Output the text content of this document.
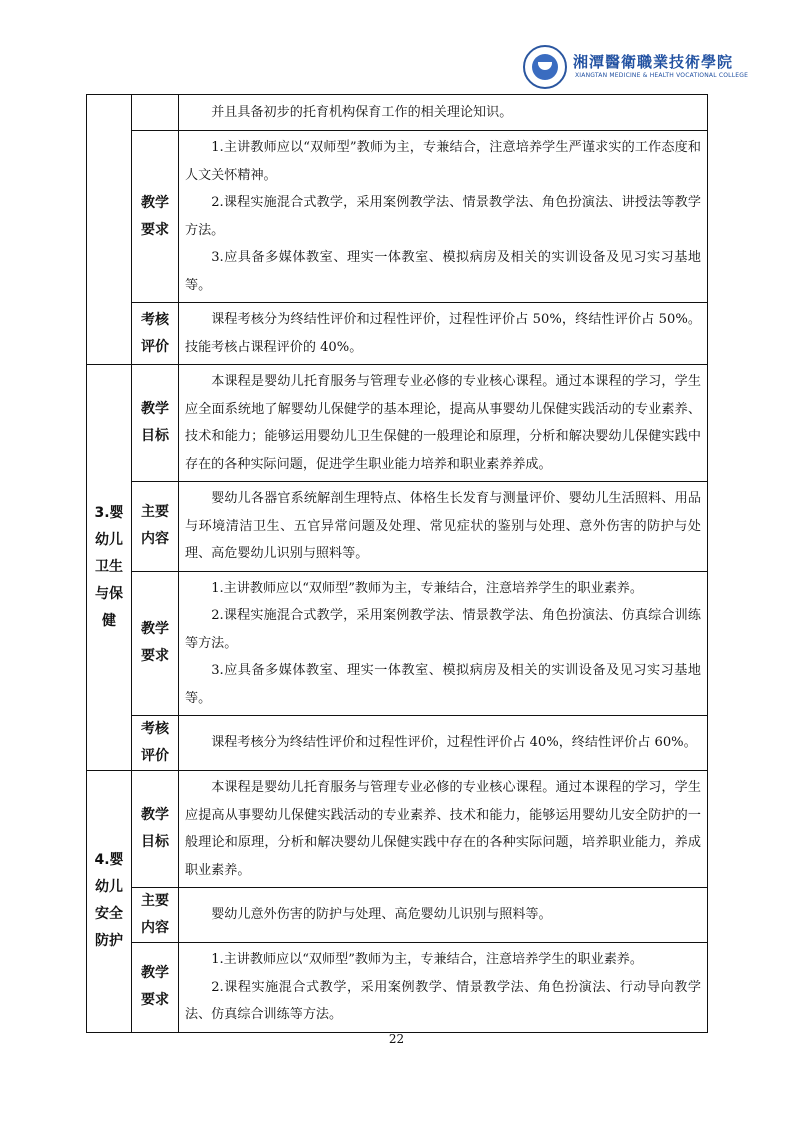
湘潭醫衛職業技術學院
XIANGTAN MEDICINE & HEALTH VOCATIONAL COLLEGE

		并且具备初步的托育机构保育工作的相关理论知识。

	教学要求	1.主讲教师应以“双师型”教师为主，专兼结合，注意培养学生严谨求实的工作态度和人文关怀精神。

2.课程实施混合式教学，采用案例教学法、情景教学法、角色扮演法、讲授法等教学方法。

3.应具备多媒体教室、理实一体教室、模拟病房及相关的实训设备及见习实习基地等。

	考核评价	课程考核分为终结性评价和过程性评价，过程性评价占 50%，终结性评价占 50%。技能考核占课程评价的 40%。

3.婴幼儿卫生与保健	教学目标	本课程是婴幼儿托育服务与管理专业必修的专业核心课程。通过本课程的学习，学生应全面系统地了解婴幼儿保健学的基本理论，提高从事婴幼儿保健实践活动的专业素养、技术和能力；能够运用婴幼儿卫生保健的一般理论和原理，分析和解决婴幼儿保健实践中存在的各种实际问题，促进学生职业能力培养和职业素养养成。

	主要内容	婴幼儿各器官系统解剖生理特点、体格生长发育与测量评价、婴幼儿生活照料、用品与环境清洁卫生、五官异常问题及处理、常见症状的鉴别与处理、意外伤害的防护与处理、高危婴幼儿识别与照料等。

	教学要求	1.主讲教师应以“双师型”教师为主，专兼结合，注意培养学生的职业素养。

2.课程实施混合式教学，采用案例教学法、情景教学法、角色扮演法、仿真综合训练等方法。

3.应具备多媒体教室、理实一体教室、模拟病房及相关的实训设备及见习实习基地等。

	考核评价	课程考核分为终结性评价和过程性评价，过程性评价占 40%，终结性评价占 60%。

4.婴幼儿安全防护	教学目标	本课程是婴幼儿托育服务与管理专业必修的专业核心课程。通过本课程的学习，学生应提高从事婴幼儿保健实践活动的专业素养、技术和能力，能够运用婴幼儿安全防护的一般理论和原理，分析和解决婴幼儿保健实践中存在的各种实际问题，培养职业能力，养成职业素养。

	主要内容	婴幼儿意外伤害的防护与处理、高危婴幼儿识别与照料等。

	教学要求	1.主讲教师应以“双师型”教师为主，专兼结合，注意培养学生的职业素养。

2.课程实施混合式教学，采用案例教学、情景教学法、角色扮演法、行动导向教学法、仿真综合训练等方法。

22
